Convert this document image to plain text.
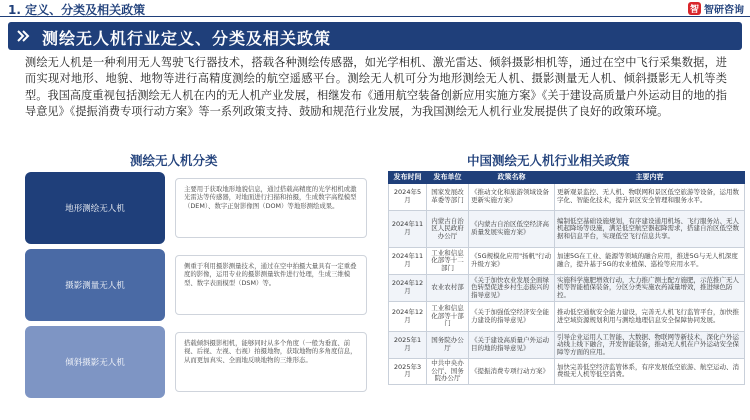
1. 定义、分类及相关政策	智 智研咨询
测绘无人机行业定义、分类及相关政策

测绘无人机是一种利用无人驾驶飞行器技术，搭载各种测绘传感器，如光学相机、激光雷达、倾斜摄影相机等，通过在空中飞行采集数据，进而实现对地形、地貌、地物等进行高精度测绘的航空遥感平台。测绘无人机可分为地形测绘无人机、摄影测量无人机、倾斜摄影无人机等类型。我国高度重视包括测绘无人机在内的无人机产业发展，相继发布《通用航空装备创新应用实施方案》《关于建设高质量户外运动目的地的指导意见》《提振消费专项行动方案》等一系列政策支持、鼓励和规范行业发展，为我国测绘无人机行业发展提供了良好的政策环境。

测绘无人机分类
地形测绘无人机
主要用于获取地形地貌信息，通过搭载高精度的光学相机或激光雷达等传感器，对地面进行扫描和拍摄，生成数字高程模型（DEM）、数字正射影像图（DOM）等地形测绘成果。
摄影测量无人机
侧重于利用摄影测量技术，通过在空中拍摄大量具有一定重叠度的影像，运用专业的摄影测量软件进行处理，生成三维模型、数字表面模型（DSM）等。
倾斜摄影无人机
搭载倾斜摄影相机，能够同时从多个角度（一般为垂直、前视、后视、左视、右视）拍摄地物，获取地物的多角度信息，从而更加真实、全面地反映地物的三维形态。
中国测绘无人机行业相关政策
发布时间	发布单位	政策名称	主要内容
2024年5月	国家发展改革委等部门	《推动文化和旅游领域设备更新实施方案》	更新观景监控、无人机、物联网和景区低空旅游等设备，运用数字化、智能化技术，提升景区安全管理和服务水平。
2024年11月	内蒙古自治区人民政府办公厅	《内蒙古自治区低空经济高质量发展实施方案》	编制低空基础设施规划，有序建设通用机场、飞行服务站、无人机起降场等设施，满足低空航空器起降需求，搭建自治区低空数据和信息平台，实现低空飞行信息共享。
2024年11月	工业和信息化部等十二部门	《5G规模化应用"扬帆"行动升级方案》	加速5G在工业、能源等领域的融合应用，推进5G与无人机深度融合，提升基于5G的农业植保、巡检等应用水平。
2024年12月	农业农村部	《关于加快农业发展全面绿色转型促进乡村生态振兴的指导意见》	实施科学施肥增效行动，大力推广测土配方施肥，示范推广无人机等智能植保装备，分区分类实施农药减量增效，推进绿色防控。
2024年12月	工业和信息化部等十部门	《关于加强低空经济安全能力建设的指导意见》	推动低空通航安全能力建设，完善无人机飞行监管平台，加快推进空域资源规划利用与测绘地理信息安全保障协同发展。
2025年1月	国务院办公厅	《关于建设高质量户外运动目的地的指导意见》	引导企业运用人工智能、大数据、物联网等新技术，深化户外运动线上线下融合，开发智能装备，推动无人机在户外运动安全保障等方面的应用。
2025年3月	中共中央办公厅、国务院办公厅	《提振消费专项行动方案》	加快完善低空经济监管体系，有序发展低空旅游、航空运动、消费级无人机等低空消费。
